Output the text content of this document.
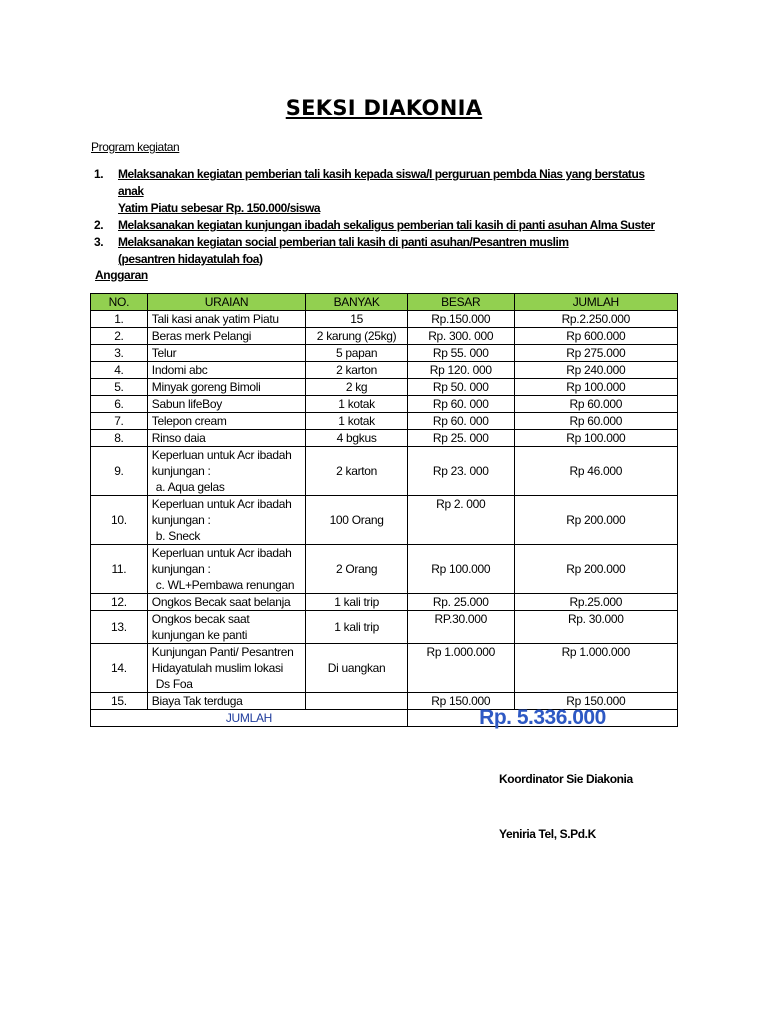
SEKSI DIAKONIA
Program kegiatan
1. Melaksanakan kegiatan pemberian tali kasih kepada siswa/I perguruan pembda Nias yang berstatus anak
Yatim Piatu sebesar Rp. 150.000/siswa
2. Melaksanakan kegiatan kunjungan ibadah sekaligus pemberian tali kasih di panti asuhan Alma Suster
3. Melaksanakan kegiatan social pemberian tali kasih di panti asuhan/Pesantren muslim
(pesantren hidayatulah foa)
Anggaran
NO.	URAIAN	BANYAK	BESAR	JUMLAH
1.	Tali kasi anak yatim Piatu	15	Rp.150.000	Rp.2.250.000
2.	Beras merk Pelangi	2 karung (25kg)	Rp. 300. 000	Rp 600.000
3.	Telur	5 papan	Rp 55. 000	Rp 275.000
4.	Indomi abc	2 karton	Rp 120. 000	Rp 240.000
5.	Minyak goreng Bimoli	2 kg	Rp 50. 000	Rp 100.000
6.	Sabun lifeBoy	1 kotak	Rp 60. 000	Rp 60.000
7.	Telepon cream	1 kotak	Rp 60. 000	Rp 60.000
8.	Rinso daia	4 bgkus	Rp 25. 000	Rp 100.000
9.	Keperluan untuk Acr ibadah
kunjungan :
a. Aqua gelas	2 karton	Rp 23. 000	Rp 46.000
10.	Keperluan untuk Acr ibadah
kunjungan :
b. Sneck	100 Orang	Rp 2. 000	Rp 200.000
11.	Keperluan untuk Acr ibadah
kunjungan :
c. WL+Pembawa renungan	2 Orang	Rp 100.000	Rp 200.000
12.	Ongkos Becak saat belanja	1 kali trip	Rp. 25.000	Rp.25.000
13.	Ongkos becak saat
kunjungan ke panti	1 kali trip	RP.30.000	Rp. 30.000
14.	Kunjungan Panti/ Pesantren
Hidayatulah muslim lokasi
Ds Foa	Di uangkan	Rp 1.000.000	Rp 1.000.000
15.	Biaya Tak terduga		Rp 150.000	Rp 150.000
JUMLAH			Rp. 5.336.000	
Koordinator Sie Diakonia
Yeniria Tel, S.Pd.K
